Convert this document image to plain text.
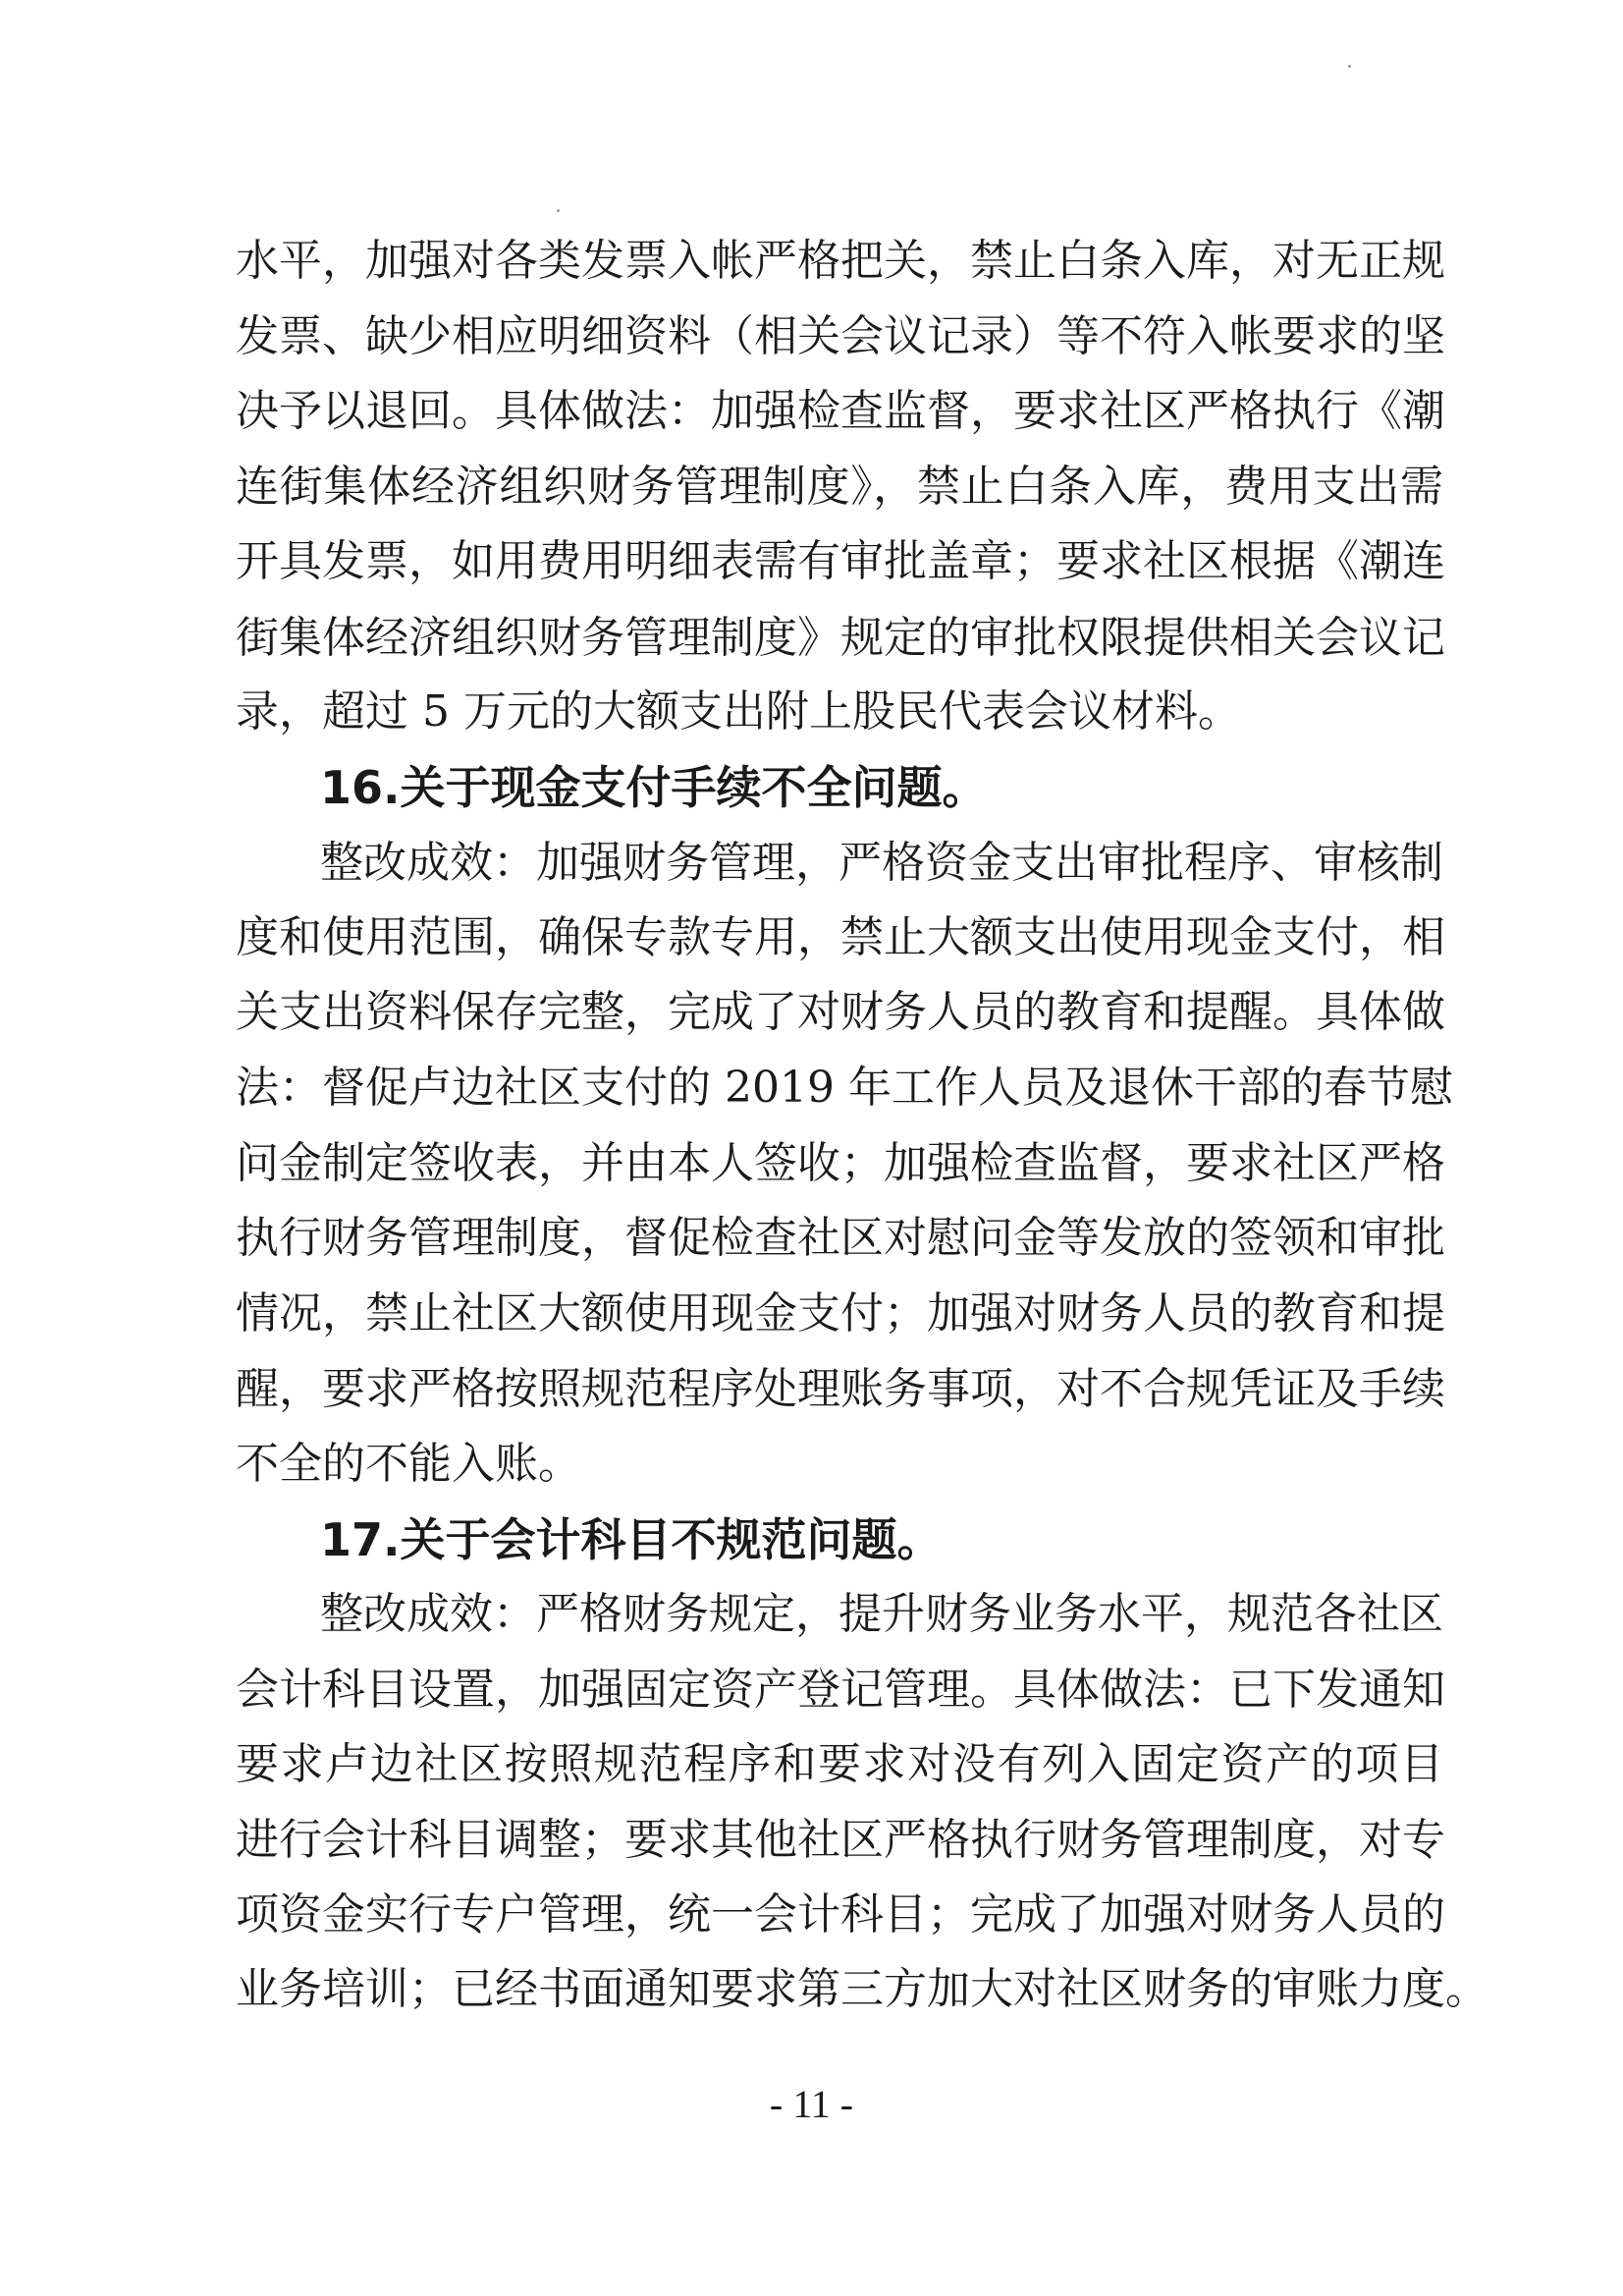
水平，加强对各类发票入帐严格把关，禁止白条入库，对无正规
发票、缺少相应明细资料（相关会议记录）等不符入帐要求的坚
决予以退回。具体做法：加强检查监督，要求社区严格执行《潮
连街集体经济组织财务管理制度》，禁止白条入库，费用支出需
开具发票，如用费用明细表需有审批盖章；要求社区根据《潮连
街集体经济组织财务管理制度》规定的审批权限提供相关会议记
录，超过 5 万元的大额支出附上股民代表会议材料。
16.关于现金支付手续不全问题。
整改成效：加强财务管理，严格资金支出审批程序、审核制
度和使用范围，确保专款专用，禁止大额支出使用现金支付，相
关支出资料保存完整，完成了对财务人员的教育和提醒。具体做
法：督促卢边社区支付的 2019 年工作人员及退休干部的春节慰
问金制定签收表，并由本人签收；加强检查监督，要求社区严格
执行财务管理制度，督促检查社区对慰问金等发放的签领和审批
情况，禁止社区大额使用现金支付；加强对财务人员的教育和提
醒，要求严格按照规范程序处理账务事项，对不合规凭证及手续
不全的不能入账。
17.关于会计科目不规范问题。
整改成效：严格财务规定，提升财务业务水平，规范各社区
会计科目设置，加强固定资产登记管理。具体做法：已下发通知
要求卢边社区按照规范程序和要求对没有列入固定资产的项目
进行会计科目调整；要求其他社区严格执行财务管理制度，对专
项资金实行专户管理，统一会计科目；完成了加强对财务人员的
业务培训；已经书面通知要求第三方加大对社区财务的审账力度。
- 11 -
